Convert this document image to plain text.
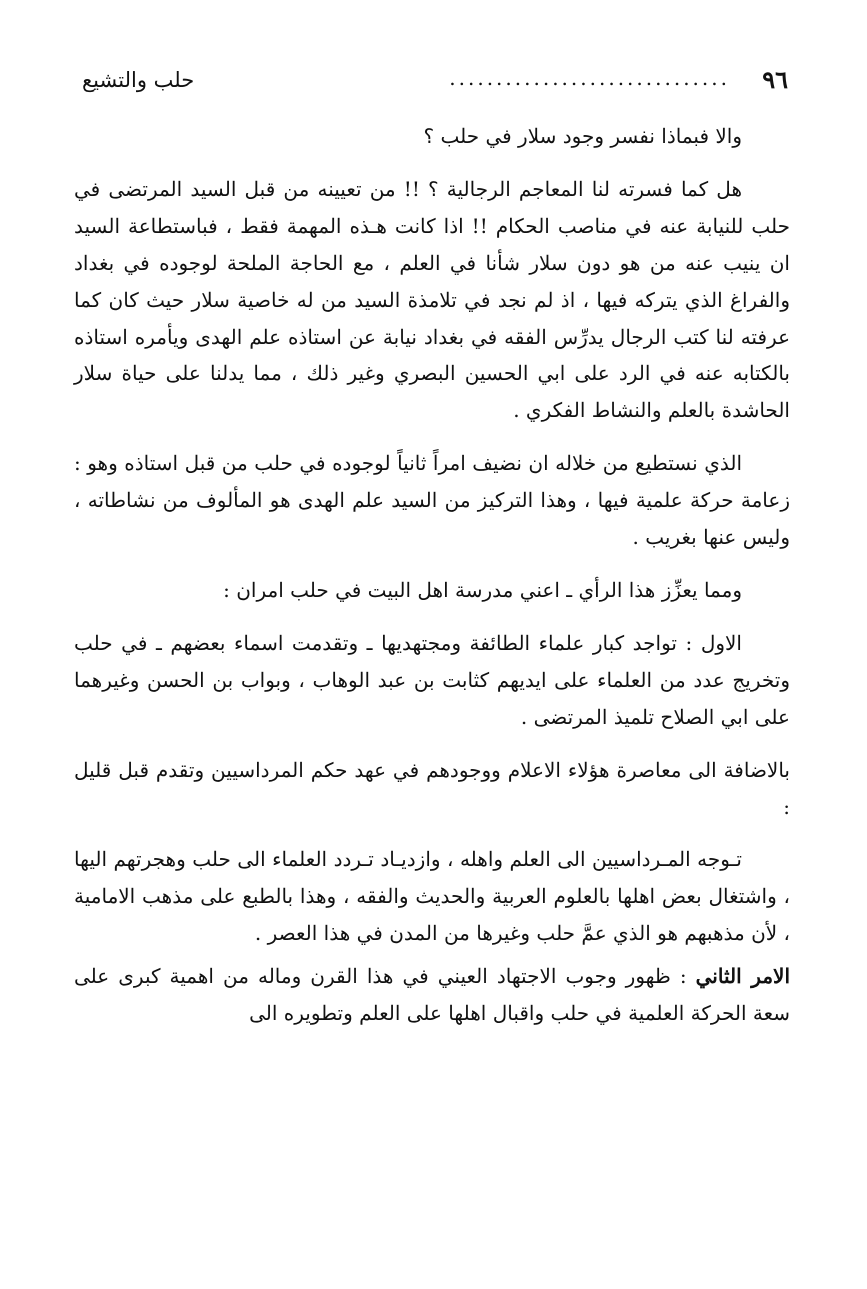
٩٦
..............................
حلب والتشيع

والا فبماذا نفسر وجود سلار في حلب ؟

هل كما فسرته لنا المعاجم الرجالية ؟ !! من تعيينه من قبل السيد المرتضى في حلب للنيابة عنه في مناصب الحكام !! اذا كانت هـذه المهمة فقط ، فباستطاعة السيد ان ينيب عنه من هو دون سلار شأنا في العلم ، مع الحاجة الملحة لوجوده في بغداد والفراغ الذي يتركه فيها ، اذ لم نجد في تلامذة السيد من له خاصية سلار حيث كان كما عرفته لنا كتب الرجال يدرِّس الفقه في بغداد نيابة عن استاذه علم الهدى ويأمره استاذه بالكتابه عنه في الرد على ابي الحسين البصري وغير ذلك ، مما يدلنا على حياة سلار الحاشدة بالعلم والنشاط الفكري .

الذي نستطيع من خلاله ان نضيف امراً ثانياً لوجوده في حلب من قبل استاذه وهو : زعامة حركة علمية فيها ، وهذا التركيز من السيد علم الهدى هو المألوف من نشاطاته ، وليس عنها بغريب .

ومما يعزِّز هذا الرأي ـ اعني مدرسة اهل البيت في حلب امران :

الاول : تواجد كبار علماء الطائفة ومجتهديها ـ وتقدمت اسماء بعضهم ـ في حلب وتخريج عدد من العلماء على ايديهم كثابت بن عبد الوهاب ، وبواب بن الحسن وغيرهما على ابي الصلاح تلميذ المرتضى .

بالاضافة الى معاصرة هؤلاء الاعلام ووجودهم في عهد حكم المرداسيين وتقدم قبل قليل :

تـوجه المـرداسيين الى العلم واهله ، وازديـاد تـردد العلماء الى حلب وهجرتهم اليها ، واشتغال بعض اهلها بالعلوم العربية والحديث والفقه ، وهذا بالطبع على مذهب الامامية ، لأن مذهبهم هو الذي عمَّ حلب وغيرها من المدن في هذا العصر .

الامر الثاني : ظهور وجوب الاجتهاد العيني في هذا القرن وماله من اهمية كبرى على سعة الحركة العلمية في حلب واقبال اهلها على العلم وتطويره الى
